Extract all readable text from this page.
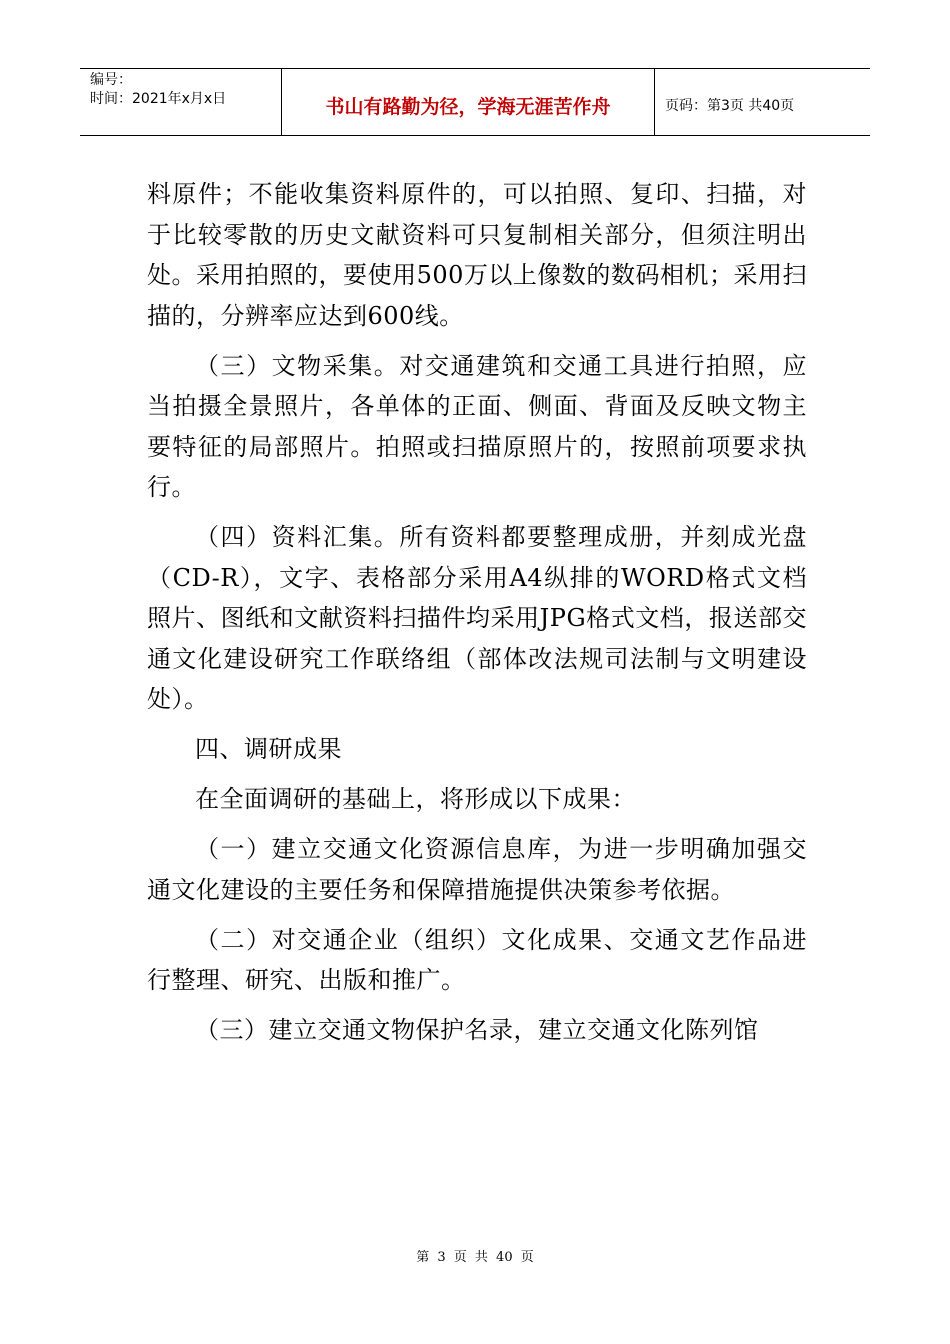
编号：
时间：2021年x月x日	书山有路勤为径，学海无涯苦作舟	页码：第3页 共40页

料原件；不能收集资料原件的，可以拍照、复印、扫描，对于比较零散的历史文献资料可只复制相关部分，但须注明出处。采用拍照的，要使用500万以上像数的数码相机；采用扫描的，分辨率应达到600线。

（三）文物采集。对交通建筑和交通工具进行拍照，应当拍摄全景照片，各单体的正面、侧面、背面及反映文物主要特征的局部照片。拍照或扫描原照片的，按照前项要求执行。

（四）资料汇集。所有资料都要整理成册，并刻成光盘（CD-R），文字、表格部分采用A4纵排的WORD格式文档照片、图纸和文献资料扫描件均采用JPG格式文档，报送部交通文化建设研究工作联络组（部体改法规司法制与文明建设处）。

四、调研成果

在全面调研的基础上，将形成以下成果：

（一）建立交通文化资源信息库，为进一步明确加强交通文化建设的主要任务和保障措施提供决策参考依据。

（二）对交通企业（组织）文化成果、交通文艺作品进行整理、研究、出版和推广。

（三）建立交通文物保护名录，建立交通文化陈列馆

第 3 页 共 40 页
